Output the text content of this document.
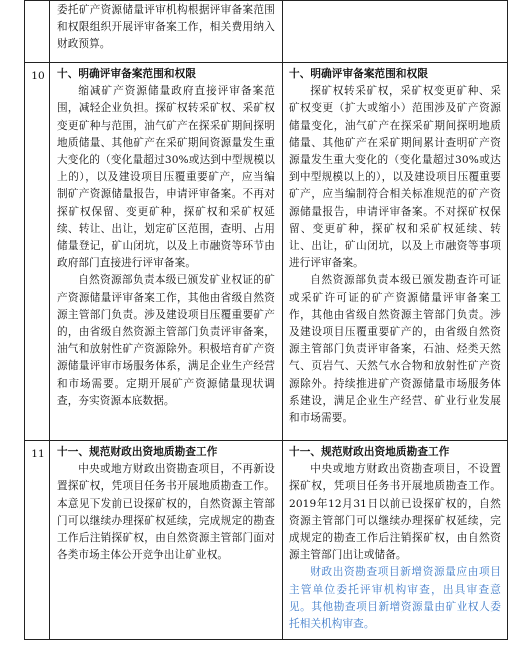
委托矿产资源储量评审机构根据评审备案范围和权限组织开展评审备案工作，相关费用纳入财政预算。
10	十、明确评审备案范围和权限
缩减矿产资源储量政府直接评审备案范围，减轻企业负担。探矿权转采矿权、采矿权变更矿种与范围，油气矿产在探采矿期间探明地质储量、其他矿产在采矿期间资源量发生重大变化的（变化量超过30%或达到中型规模以上的），以及建设项目压覆重要矿产，应当编制矿产资源储量报告，申请评审备案。不再对探矿权保留、变更矿种，探矿权和采矿权延续、转让、出让，划定矿区范围，查明、占用储量登记，矿山闭坑，以及上市融资等环节由政府部门直接进行评审备案。
自然资源部负责本级已颁发矿业权证的矿产资源储量评审备案工作，其他由省级自然资源主管部门负责。涉及建设项目压覆重要矿产的，由省级自然资源主管部门负责评审备案，油气和放射性矿产资源除外。积极培育矿产资源储量评审市场服务体系，满足企业生产经营和市场需要。定期开展矿产资源储量现状调查，夯实资源本底数据。
十、明确评审备案范围和权限
探矿权转采矿权，采矿权变更矿种、采矿权变更（扩大或缩小）范围涉及矿产资源储量变化，油气矿产在探采矿期间探明地质储量、其他矿产在采矿期间累计查明矿产资源量发生重大变化的（变化量超过30%或达到中型规模以上的），以及建设项目压覆重要矿产，应当编制符合相关标准规范的矿产资源储量报告，申请评审备案。不对探矿权保留、变更矿种，探矿权和采矿权延续、转让、出让，矿山闭坑，以及上市融资等事项进行评审备案。
自然资源部负责本级已颁发勘查许可证或采矿许可证的矿产资源储量评审备案工作，其他由省级自然资源主管部门负责。涉及建设项目压覆重要矿产的，由省级自然资源主管部门负责评审备案，石油、烃类天然气、页岩气、天然气水合物和放射性矿产资源除外。持续推进矿产资源储量市场服务体系建设，满足企业生产经营、矿业行业发展和市场需要。
11	十一、规范财政出资地质勘查工作
中央或地方财政出资勘查项目，不再新设置探矿权，凭项目任务书开展地质勘查工作。本意见下发前已设探矿权的，自然资源主管部门可以继续办理探矿权延续，完成规定的勘查工作后注销探矿权，由自然资源主管部门面对各类市场主体公开竞争出让矿业权。
十一、规范财政出资地质勘查工作
中央或地方财政出资勘查项目，不设置探矿权，凭项目任务书开展地质勘查工作。2019年12月31日以前已设探矿权的，自然资源主管部门可以继续办理探矿权延续，完成规定的勘查工作后注销探矿权，由自然资源主管部门出让或储备。
财政出资勘查项目新增资源量应由项目主管单位委托评审机构审查，出具审查意见。其他勘查项目新增资源量由矿业权人委托相关机构审查。
